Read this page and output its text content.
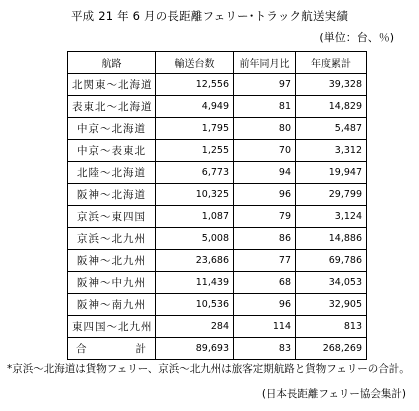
平成 21 年 6 月の長距離フェリー･トラック航送実績
(単位：台、％)
航路	輸送台数	前年同月比	年度累計
北関東～北海道	12,556	97	39,328
表東北～北海道	4,949	81	14,829
中京～北海道	1,795	80	5,487
中京～表東北	1,255	70	3,312
北陸～北海道	6,773	94	19,947
阪神～北海道	10,325	96	29,799
京浜～東四国	1,087	79	3,124
京浜～北九州	5,008	86	14,886
阪神～北九州	23,686	77	69,786
阪神～中九州	11,439	68	34,053
阪神～南九州	10,536	96	32,905
東四国～北九州	284	114	813
合　　　計	89,693	83	268,269
*京浜～北海道は貨物フェリー、京浜～北九州は旅客定期航路と貨物フェリーの合計。
(日本長距離フェリー協会集計)
